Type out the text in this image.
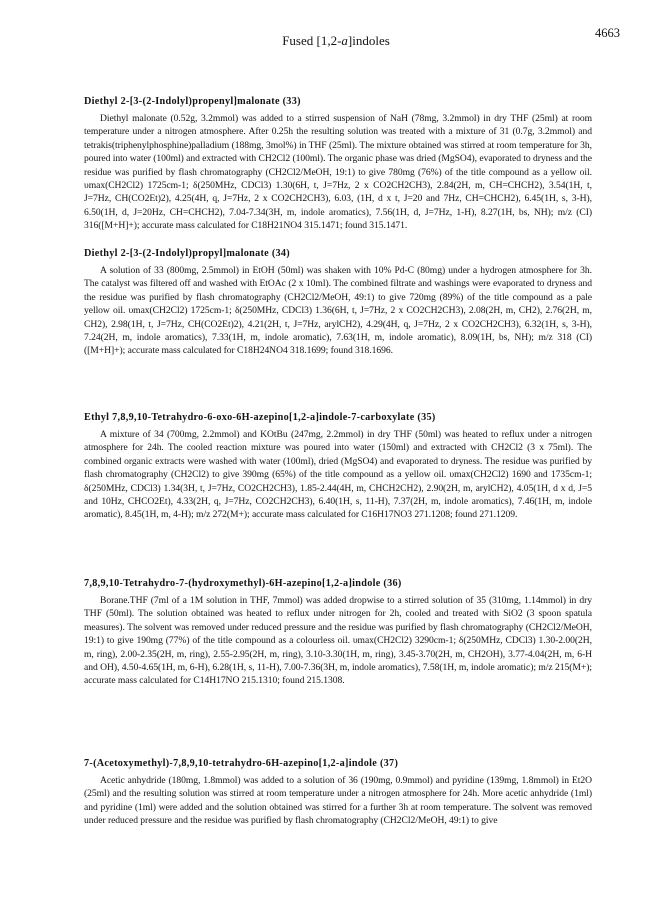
Fused [1,2-a]indoles	4663

Diethyl 2-[3-(2-Indolyl)propenyl]malonate (33)

Diethyl malonate (0.52g, 3.2mmol) was added to a stirred suspension of NaH (78mg, 3.2mmol) in dry THF (25ml) at room temperature under a nitrogen atmosphere. After 0.25h the resulting solution was treated with a mixture of 31 (0.7g, 3.2mmol) and tetrakis(triphenylphosphine)palladium (188mg, 3mol%) in THF (25ml). The mixture obtained was stirred at room temperature for 3h, poured into water (100ml) and extracted with CH2Cl2 (100ml). The organic phase was dried (MgSO4), evaporated to dryness and the residue was purified by flash chromatography (CH2Cl2/MeOH, 19:1) to give 780mg (76%) of the title compound as a yellow oil. υmax(CH2Cl2) 1725cm-1; δ(250MHz, CDCl3) 1.30(6H, t, J=7Hz, 2 x CO2CH2CH3), 2.84(2H, m, CH=CHCH2), 3.54(1H, t, J=7Hz, CH(CO2Et)2), 4.25(4H, q, J=7Hz, 2 x CO2CH2CH3), 6.03, (1H, d x t, J=20 and 7Hz, CH=CHCH2), 6.45(1H, s, 3-H), 6.50(1H, d, J=20Hz, CH=CHCH2), 7.04-7.34(3H, m, indole aromatics), 7.56(1H, d, J=7Hz, 1-H), 8.27(1H, bs, NH); m/z (CI) 316([M+H]+); accurate mass calculated for C18H21NO4 315.1471; found 315.1471.

Diethyl 2-[3-(2-Indolyl)propyl]malonate (34)

A solution of 33 (800mg, 2.5mmol) in EtOH (50ml) was shaken with 10% Pd-C (80mg) under a hydrogen atmosphere for 3h. The catalyst was filtered off and washed with EtOAc (2 x 10ml). The combined filtrate and washings were evaporated to dryness and the residue was purified by flash chromatography (CH2Cl2/MeOH, 49:1) to give 720mg (89%) of the title compound as a pale yellow oil. υmax(CH2Cl2) 1725cm-1; δ(250MHz, CDCl3) 1.36(6H, t, J=7Hz, 2 x CO2CH2CH3), 2.08(2H, m, CH2), 2.76(2H, m, CH2), 2.98(1H, t, J=7Hz, CH(CO2Et)2), 4.21(2H, t, J=7Hz, arylCH2), 4.29(4H, q, J=7Hz, 2 x CO2CH2CH3), 6.32(1H, s, 3-H), 7.24(2H, m, indole aromatics), 7.33(1H, m, indole aromatic), 7.63(1H, m, indole aromatic), 8.09(1H, bs, NH); m/z 318 (CI) ([M+H]+); accurate mass calculated for C18H24NO4 318.1699; found 318.1696.

Ethyl 7,8,9,10-Tetrahydro-6-oxo-6H-azepino[1,2-a]indole-7-carboxylate (35)

A mixture of 34 (700mg, 2.2mmol) and KOtBu (247mg, 2.2mmol) in dry THF (50ml) was heated to reflux under a nitrogen atmosphere for 24h. The cooled reaction mixture was poured into water (150ml) and extracted with CH2Cl2 (3 x 75ml). The combined organic extracts were washed with water (100ml), dried (MgSO4) and evaporated to dryness. The residue was purified by flash chromatography (CH2Cl2) to give 390mg (65%) of the title compound as a yellow oil. υmax(CH2Cl2) 1690 and 1735cm-1; δ(250MHz, CDCl3) 1.34(3H, t, J=7Hz, CO2CH2CH3), 1.85-2.44(4H, m, CHCH2CH2), 2.90(2H, m, arylCH2), 4.05(1H, d x d, J=5 and 10Hz, CHCO2Et), 4.33(2H, q, J=7Hz, CO2CH2CH3), 6.40(1H, s, 11-H), 7.37(2H, m, indole aromatics), 7.46(1H, m, indole aromatic), 8.45(1H, m, 4-H); m/z 272(M+); accurate mass calculated for C16H17NO3 271.1208; found 271.1209.

7,8,9,10-Tetrahydro-7-(hydroxymethyl)-6H-azepino[1,2-a]indole (36)

Borane.THF (7ml of a 1M solution in THF, 7mmol) was added dropwise to a stirred solution of 35 (310mg, 1.14mmol) in dry THF (50ml). The solution obtained was heated to reflux under nitrogen for 2h, cooled and treated with SiO2 (3 spoon spatula measures). The solvent was removed under reduced pressure and the residue was purified by flash chromatography (CH2Cl2/MeOH, 19:1) to give 190mg (77%) of the title compound as a colourless oil. υmax(CH2Cl2) 3290cm-1; δ(250MHz, CDCl3) 1.30-2.00(2H, m, ring), 2.00-2.35(2H, m, ring), 2.55-2.95(2H, m, ring), 3.10-3.30(1H, m, ring), 3.45-3.70(2H, m, CH2OH), 3.77-4.04(2H, m, 6-H and OH), 4.50-4.65(1H, m, 6-H), 6.28(1H, s, 11-H), 7.00-7.36(3H, m, indole aromatics), 7.58(1H, m, indole aromatic); m/z 215(M+); accurate mass calculated for C14H17NO 215.1310; found 215.1308.

7-(Acetoxymethyl)-7,8,9,10-tetrahydro-6H-azepino[1,2-a]indole (37)

Acetic anhydride (180mg, 1.8mmol) was added to a solution of 36 (190mg, 0.9mmol) and pyridine (139mg, 1.8mmol) in Et2O (25ml) and the resulting solution was stirred at room temperature under a nitrogen atmosphere for 24h. More acetic anhydride (1ml) and pyridine (1ml) were added and the solution obtained was stirred for a further 3h at room temperature. The solvent was removed under reduced pressure and the residue was purified by flash chromatography (CH2Cl2/MeOH, 49:1) to give
